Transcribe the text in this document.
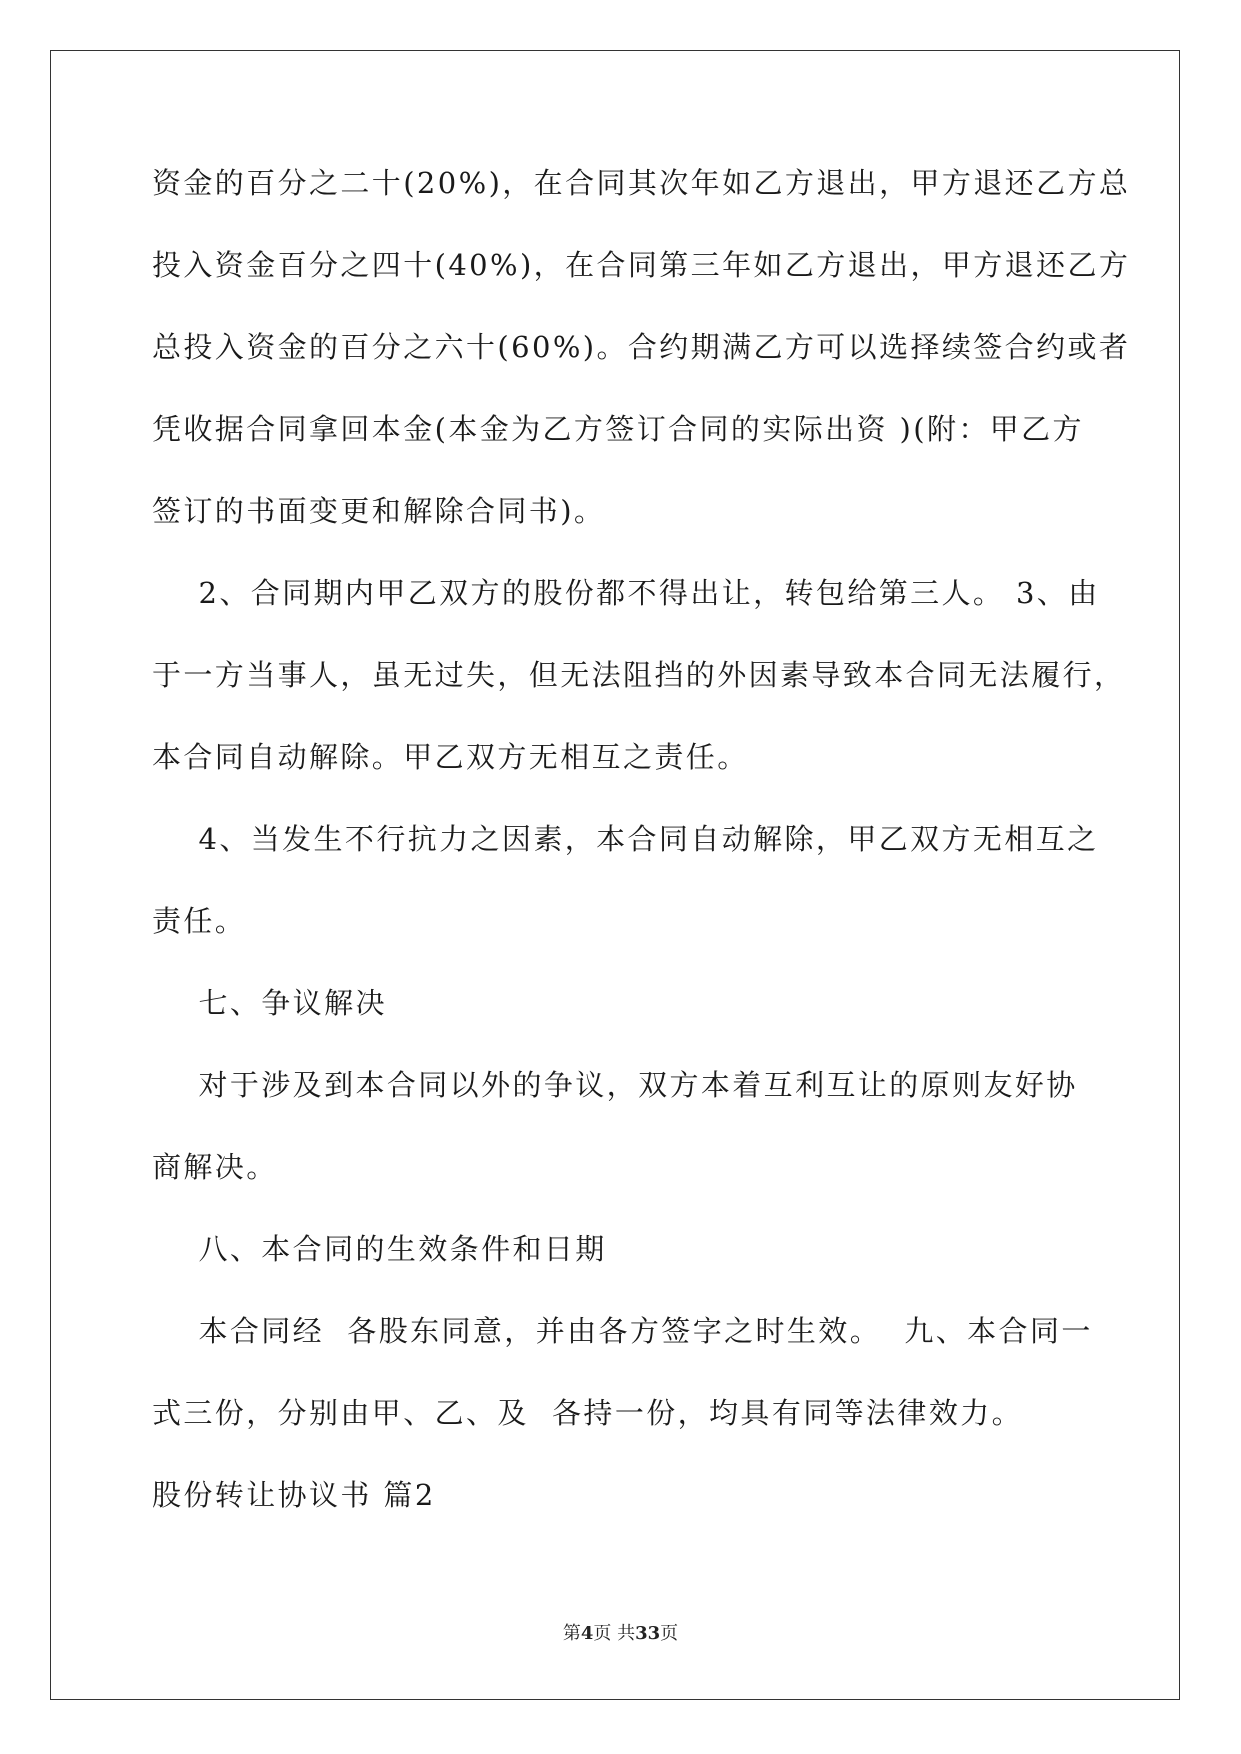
资金的百分之二十(20%)，在合同其次年如乙方退出，甲方退还乙方总
投入资金百分之四十(40%)，在合同第三年如乙方退出，甲方退还乙方
总投入资金的百分之六十(60%)。合约期满乙方可以选择续签合约或者
凭收据合同拿回本金(本金为乙方签订合同的实际出资 )(附：甲乙方
签订的书面变更和解除合同书)。
2、合同期内甲乙双方的股份都不得出让，转包给第三人。 3、由
于一方当事人，虽无过失，但无法阻挡的外因素导致本合同无法履行，
本合同自动解除。甲乙双方无相互之责任。
4、当发生不行抗力之因素，本合同自动解除，甲乙双方无相互之
责任。
七、争议解决
对于涉及到本合同以外的争议，双方本着互利互让的原则友好协
商解决。
八、本合同的生效条件和日期
本合同经  各股东同意，并由各方签字之时生效。  九、本合同一
式三份，分别由甲、乙、及  各持一份，均具有同等法律效力。
股份转让协议书 篇2
第4页 共33页
